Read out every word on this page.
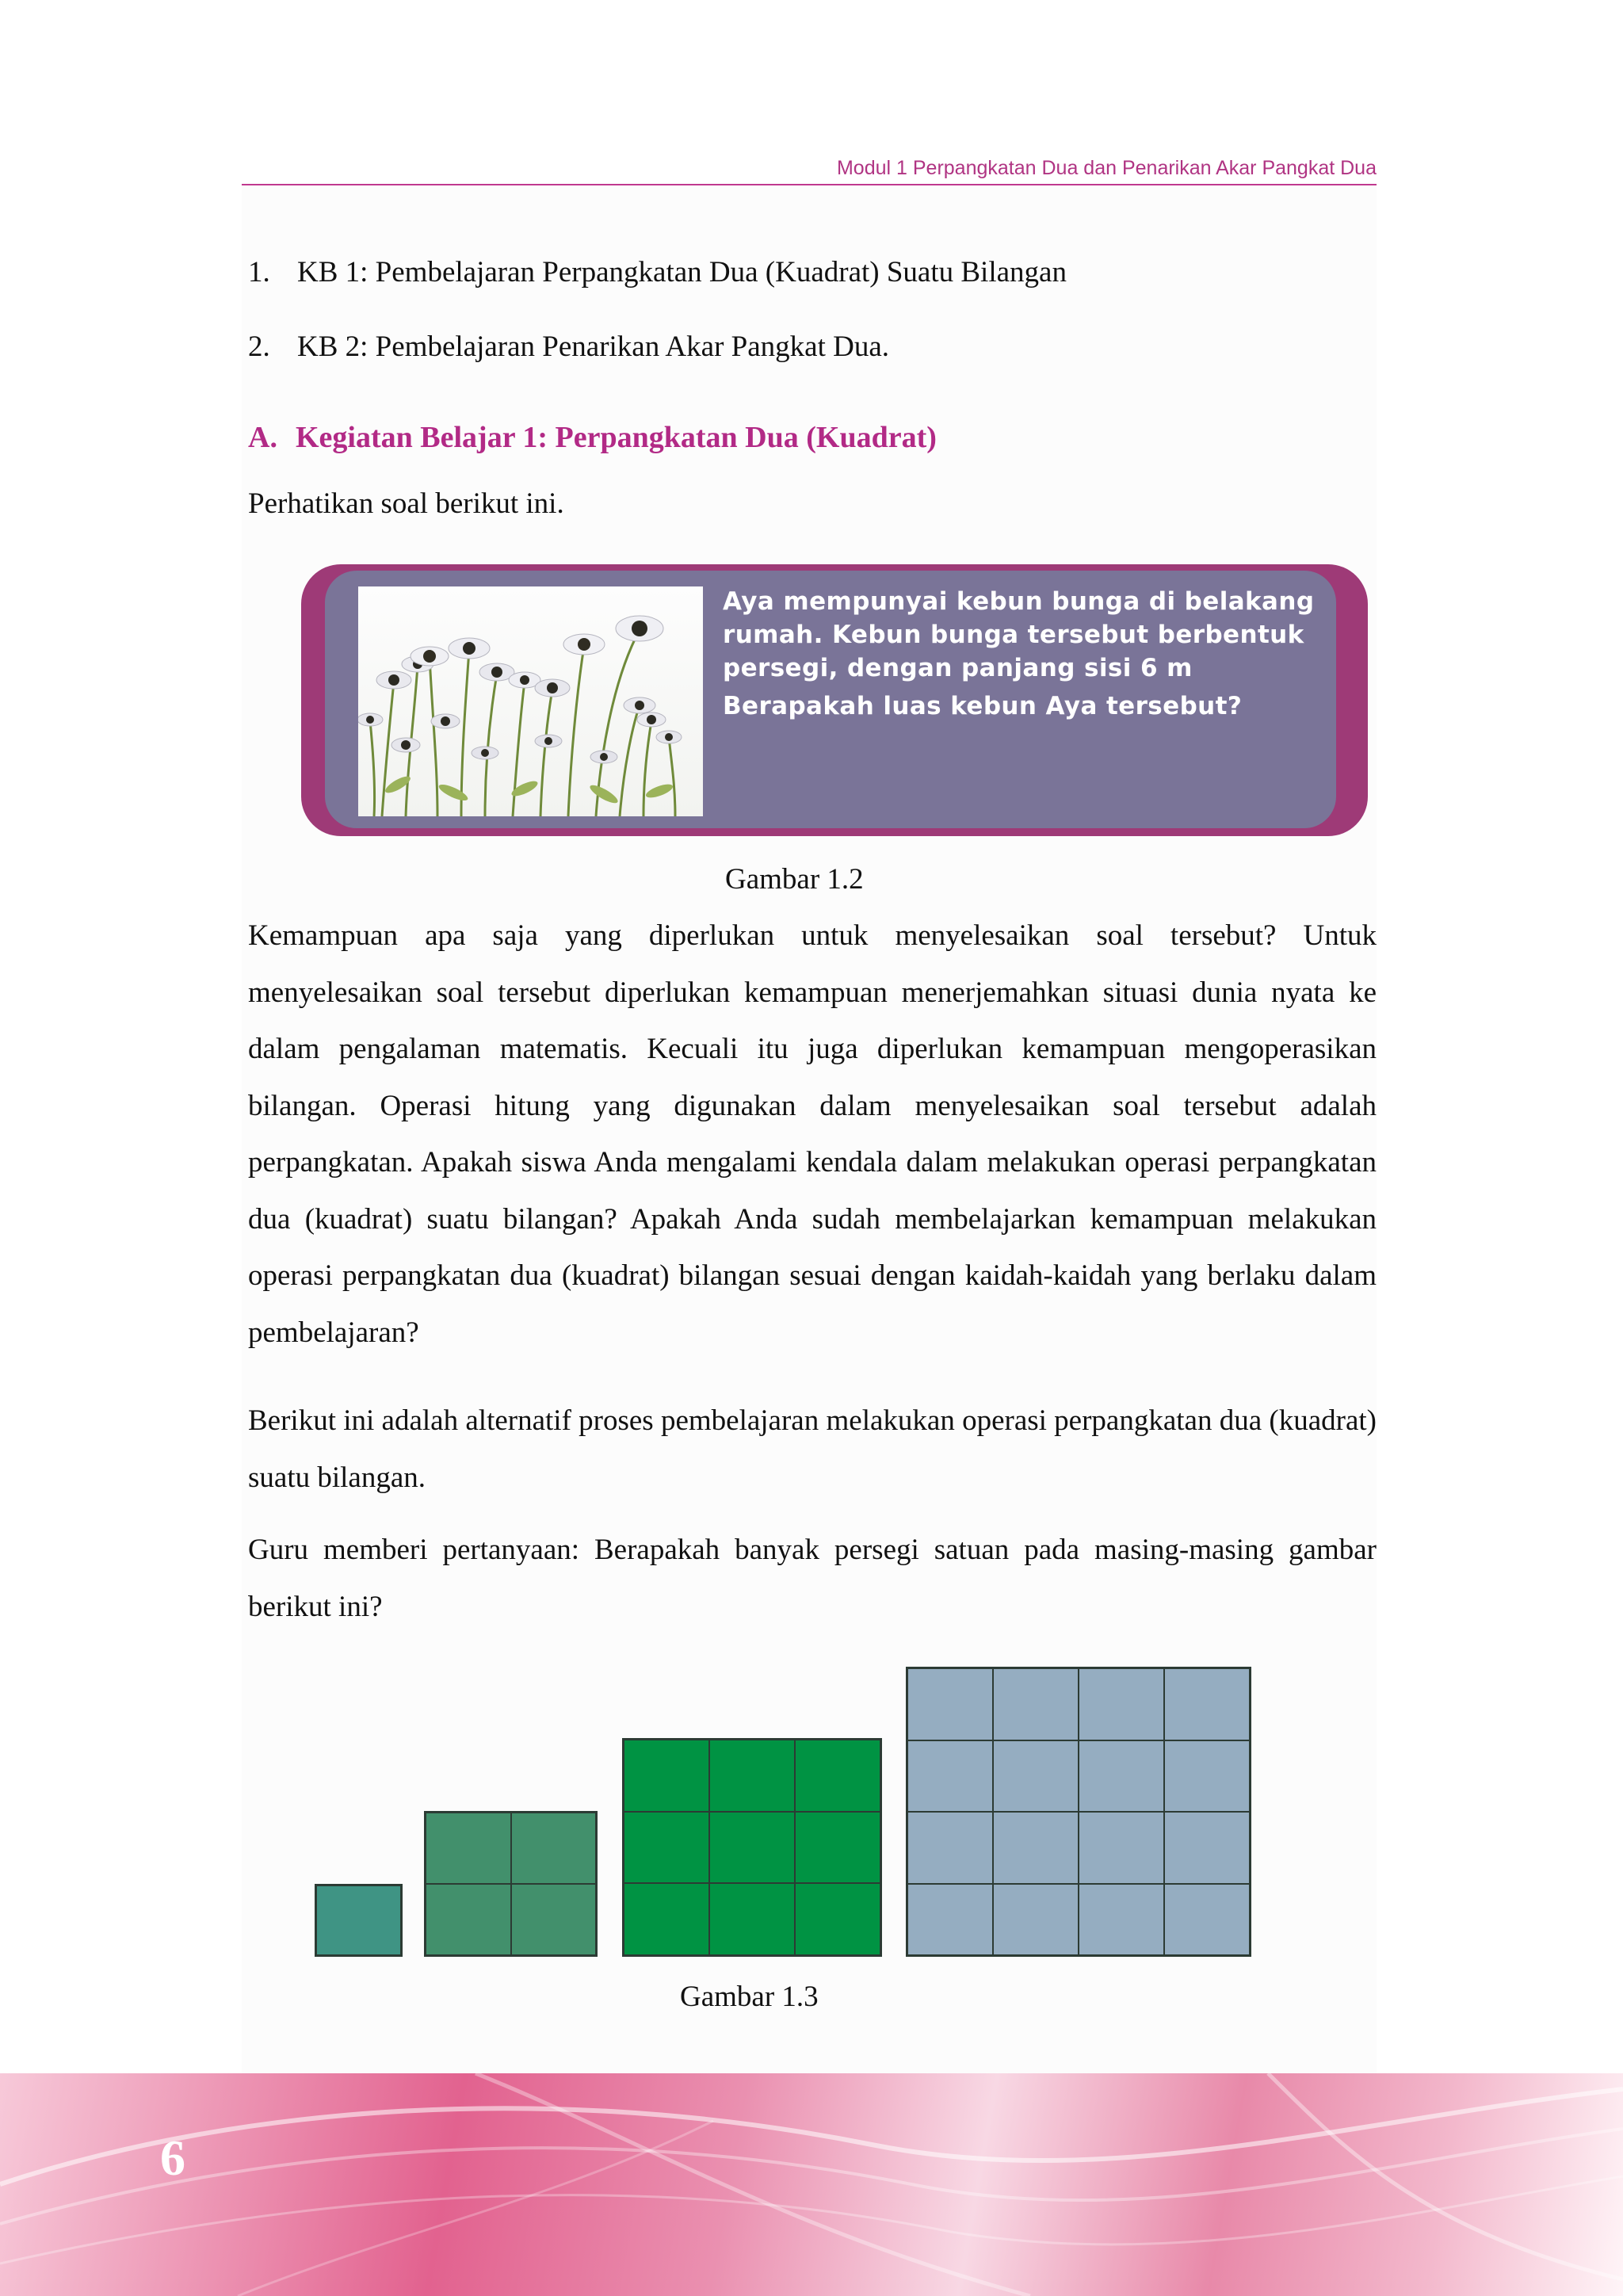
Modul 1 Perpangkatan Dua dan Penarikan Akar Pangkat Dua
1. KB 1: Pembelajaran Perpangkatan Dua (Kuadrat) Suatu Bilangan
2. KB 2: Pembelajaran Penarikan Akar Pangkat Dua.
A. Kegiatan Belajar 1: Perpangkatan Dua (Kuadrat)
Perhatikan soal berikut ini.
Aya mempunyai kebun bunga di belakang
rumah. Kebun bunga tersebut berbentuk
persegi, dengan panjang sisi 6 m
Berapakah luas kebun Aya tersebut?
Gambar 1.2
Kemampuan apa saja yang diperlukan untuk menyelesaikan soal tersebut? Untuk menyelesaikan soal tersebut diperlukan kemampuan menerjemahkan situasi dunia nyata ke dalam pengalaman matematis. Kecuali itu juga diperlukan kemampuan mengoperasikan bilangan. Operasi hitung yang digunakan dalam menyelesaikan soal tersebut adalah perpangkatan. Apakah siswa Anda mengalami kendala dalam melakukan operasi perpangkatan dua (kuadrat) suatu bilangan? Apakah Anda sudah membelajarkan kemampuan melakukan operasi perpangkatan dua (kuadrat) bilangan sesuai dengan kaidah-kaidah yang berlaku dalam pembelajaran?
Berikut ini adalah alternatif proses pembelajaran melakukan operasi perpangkatan dua (kuadrat) suatu bilangan.
Guru memberi pertanyaan: Berapakah banyak persegi satuan pada masing-masing gambar berikut ini?
Gambar 1.3
6
